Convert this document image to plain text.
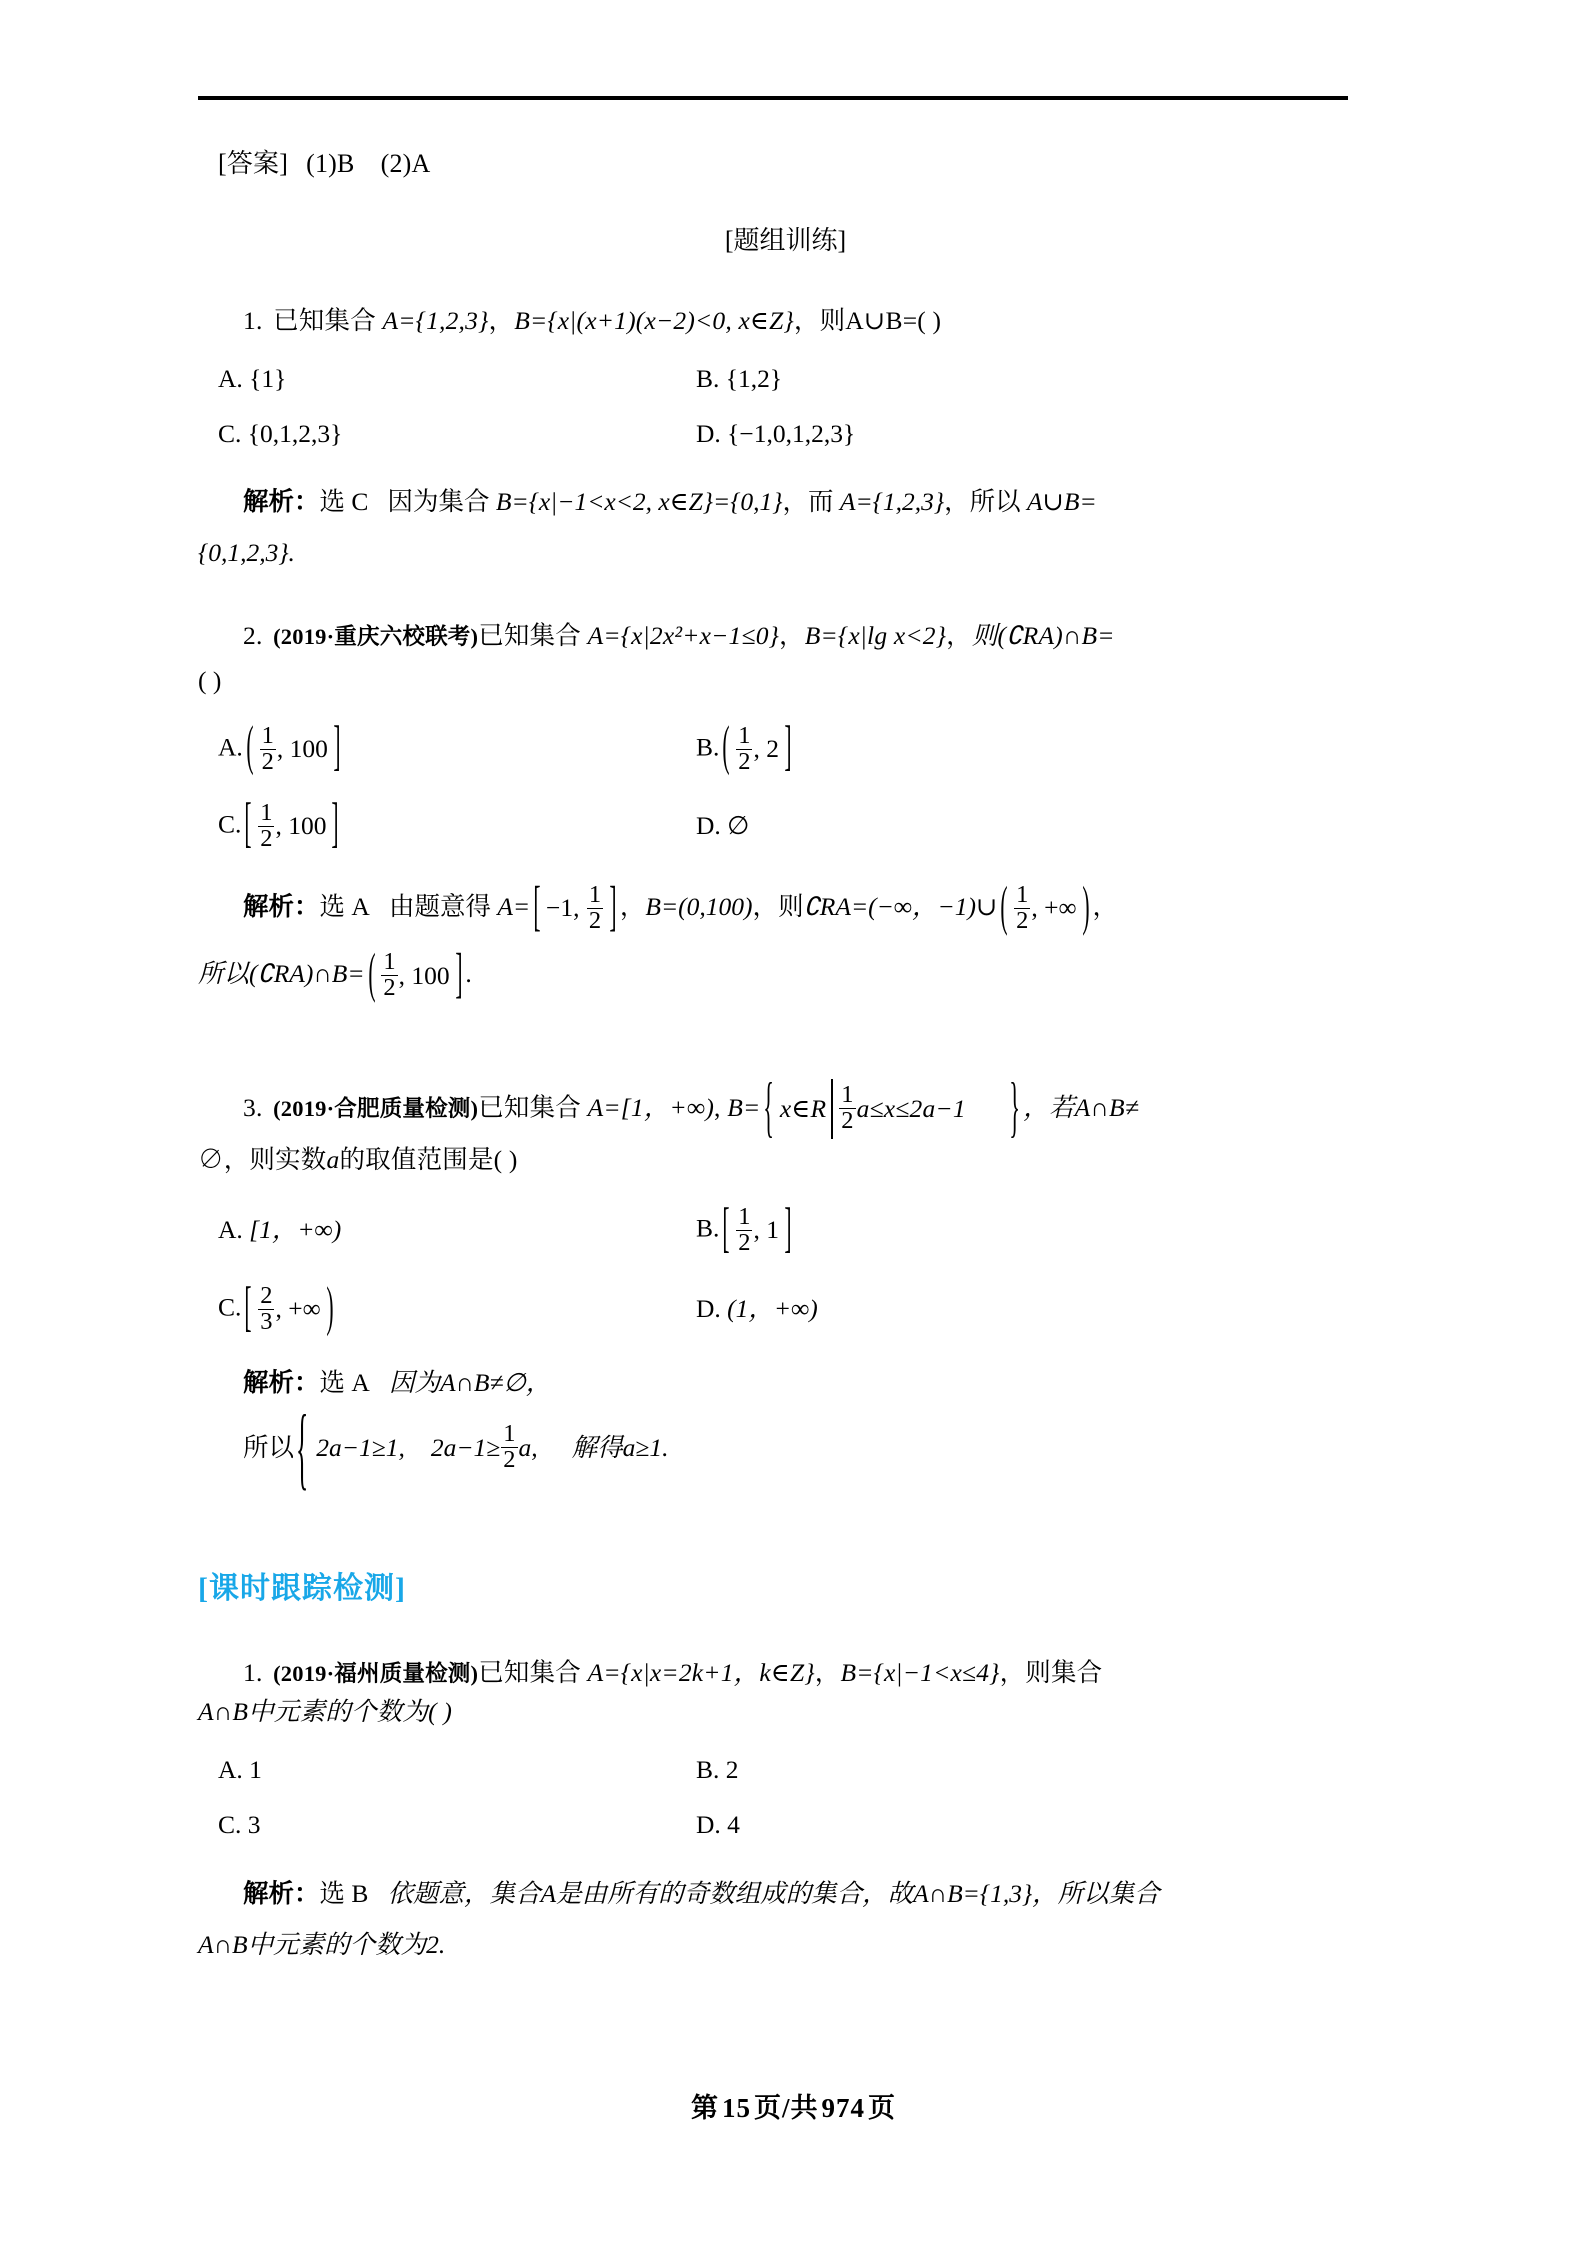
[答案] (1)B (2)A
[题组训练]
1. 已知集合 A={1,2,3}，B={x|(x+1)(x−2)<0, x∈Z}，则A∪B=( )
A. {1}	B. {1,2}
C. {0,1,2,3}	D. {−1,0,1,2,3}
解析：选 C 因为集合 B={x|−1<x<2, x∈Z}={0,1}，而 A={1,2,3}，所以 A∪B=
{0,1,2,3}.
2. (2019·重庆六校联考)已知集合 A={x|2x²+x−1≤0}，B={x|lg x<2}，则(∁RA)∩B=
( )
A. ( $\frac{1}{2}$ , 100 ]	B. ( $\frac{1}{2}$ , 2 ]
C. [ $\frac{1}{2}$ , 100 ]	D. ∅
解析：选 A 由题意得 A= [ −1,
$\frac{1}{2}$ ] ，B=(0,100)，则∁RA=(−∞，−1)∪ ( $\frac{1}{2}$ , +∞ ) ，
所以(∁RA)∩B= ( $\frac{1}{2}$ , 100 ] .
3. (2019·合肥质量检测)已知集合 A=[1，+∞), B= { x∈R $\frac{1}{2} a\le x\le 2a-1$ } ，若A∩B≠
∅，则实数a的取值范围是( )
A. [1，+∞)	B. [ $\frac{1}{2}$ , 1 ]
C. [ $\frac{2}{3}$ , +∞ )	D. (1，+∞)
解析：选 A 因为A∩B≠∅，
所以 { 2a−1≥1, $2a-1\ge \frac{1}{2} a$, 解得a≥1.
[课时跟踪检测]
1. (2019·福州质量检测)已知集合 A={x|x=2k+1，k∈Z}，B={x|−1<x≤4}，则集合
A∩B中元素的个数为( )
A. 1	B. 2
C. 3	D. 4
解析：选 B 依题意，集合A是由所有的奇数组成的集合，故A∩B={1,3}，所以集合
A∩B中元素的个数为2.
第 15 页/共 974 页
